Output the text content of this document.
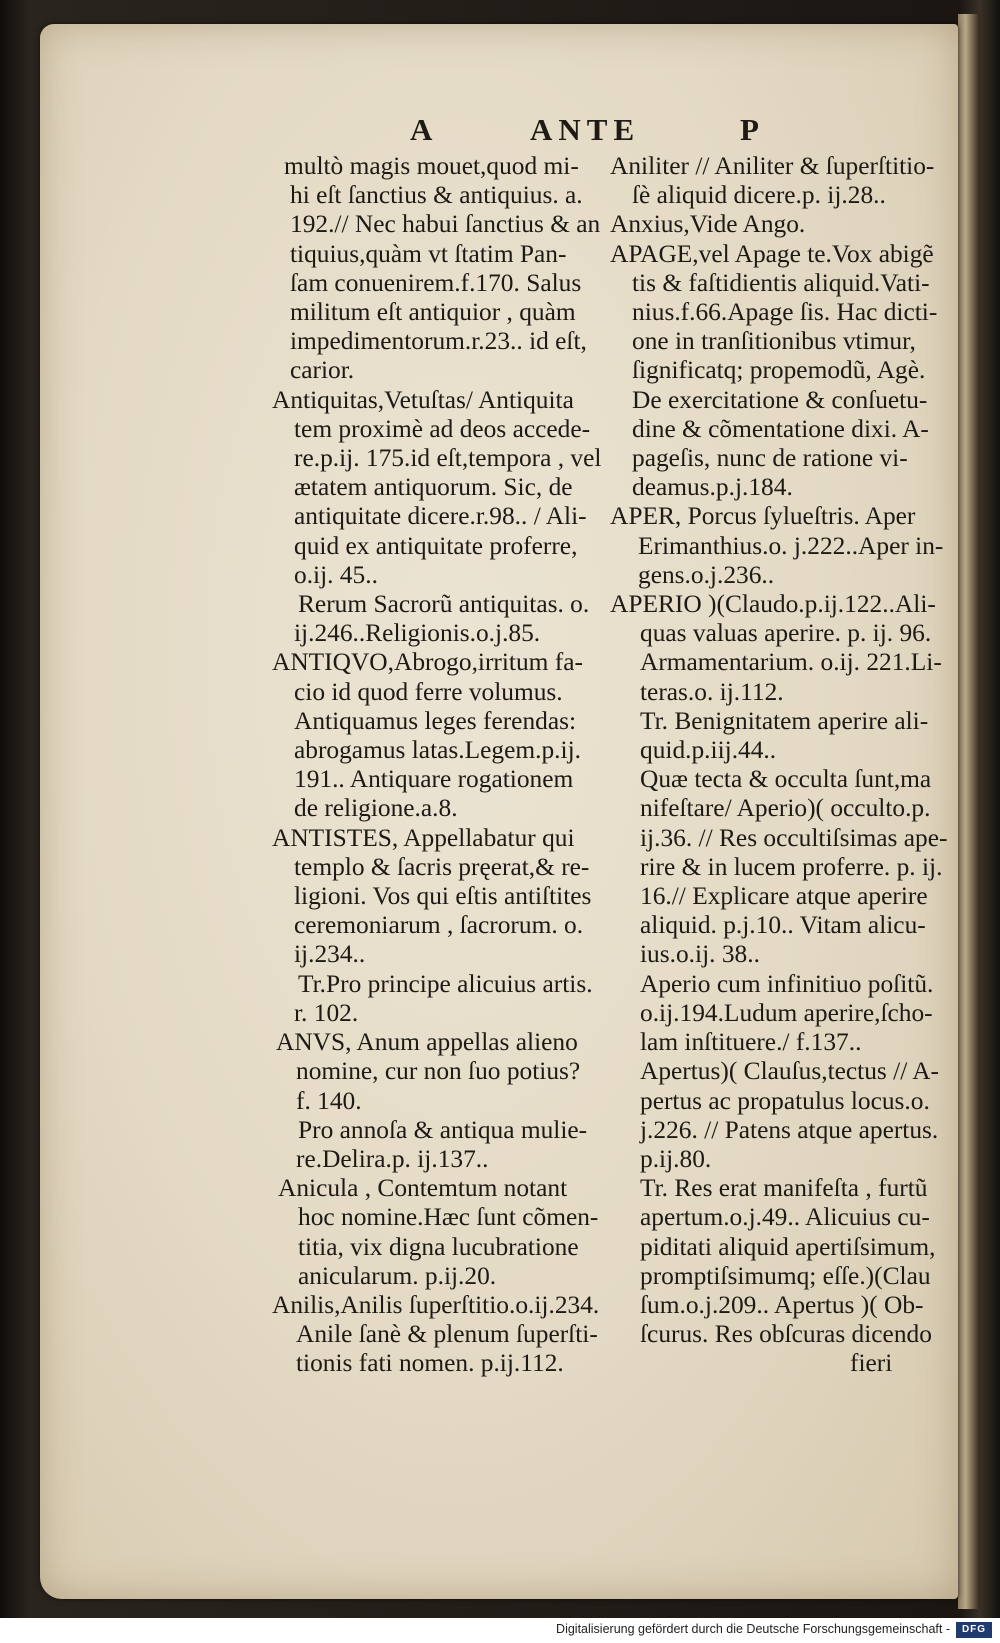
A	ANTE	P
multò magis mouet,quod mi-
hi eſt ſanctius & antiquius. a.
192.// Nec habui ſanctius & an
tiquius,quàm vt ſtatim Pan-
ſam conuenirem.f.170. Salus
militum eſt antiquior , quàm
impedimentorum.r.23.. id eſt,
carior.
Antiquitas,Vetuſtas/ Antiquita
tem proximè ad deos accede-
re.p.ij. 175.id eſt,tempora , vel
ætatem antiquorum. Sic, de
antiquitate dicere.r.98.. / Ali-
quid ex antiquitate proferre,
o.ij. 45..
Rerum Sacrorũ antiquitas. o.
ij.246..Religionis.o.j.85.
ANTIQVO,Abrogo,irritum fa-
cio id quod ferre volumus.
Antiquamus leges ferendas:
abrogamus latas.Legem.p.ij.
191.. Antiquare rogationem
de religione.a.8.
ANTISTES, Appellabatur qui
templo & ſacris pręerat,& re-
ligioni. Vos qui eſtis antiſtites
ceremoniarum , ſacrorum. o.
ij.234..
Tr.Pro principe alicuius artis.
r. 102.
ANVS, Anum appellas alieno
nomine, cur non ſuo potius?
f. 140.
Pro annoſa & antiqua mulie-
re.Delira.p. ij.137..
Anicula , Contemtum notant
hoc nomine.Hæc ſunt cõmen-
titia, vix digna lucubratione
anicularum. p.ij.20.
Anilis,Anilis ſuperſtitio.o.ij.234.
Anile ſanè & plenum ſuperſti-
tionis fati nomen. p.ij.112.
Aniliter // Aniliter & ſuperſtitio-
ſè aliquid dicere.p. ij.28..
Anxius,Vide Ango.
APAGE,vel Apage te.Vox abigẽ
tis & faſtidientis aliquid.Vati-
nius.f.66.Apage ſis. Hac dicti-
one in tranſitionibus vtimur,
ſignificatq; propemodũ, Agè.
De exercitatione & conſuetu-
dine & cõmentatione dixi. A-
pageſis, nunc de ratione vi-
deamus.p.j.184.
APER, Porcus ſylueſtris. Aper
Erimanthius.o. j.222..Aper in-
gens.o.j.236..
APERIO )(Claudo.p.ij.122..Ali-
quas valuas aperire. p. ij. 96.
Armamentarium. o.ij. 221.Li-
teras.o. ij.112.
Tr. Benignitatem aperire ali-
quid.p.iij.44..
Quæ tecta & occulta ſunt,ma
nifeſtare/ Aperio)( occulto.p.
ij.36. // Res occultiſsimas ape-
rire & in lucem proferre. p. ij.
16.// Explicare atque aperire
aliquid. p.j.10.. Vitam alicu-
ius.o.ij. 38..
Aperio cum infinitiuo poſitũ.
o.ij.194.Ludum aperire,ſcho-
lam inſtituere./ f.137..
Apertus)( Clauſus,tectus // A-
pertus ac propatulus locus.o.
j.226. // Patens atque apertus.
p.ij.80.
Tr. Res erat manifeſta , furtũ
apertum.o.j.49.. Alicuius cu-
piditati aliquid apertiſsimum,
promptiſsimumq; eſſe.)(Clau
ſum.o.j.209.. Apertus )( Ob-
ſcurus. Res obſcuras dicendo
fieri
Digitalisierung gefördert durch die Deutsche Forschungsgemeinschaft -	DFG
